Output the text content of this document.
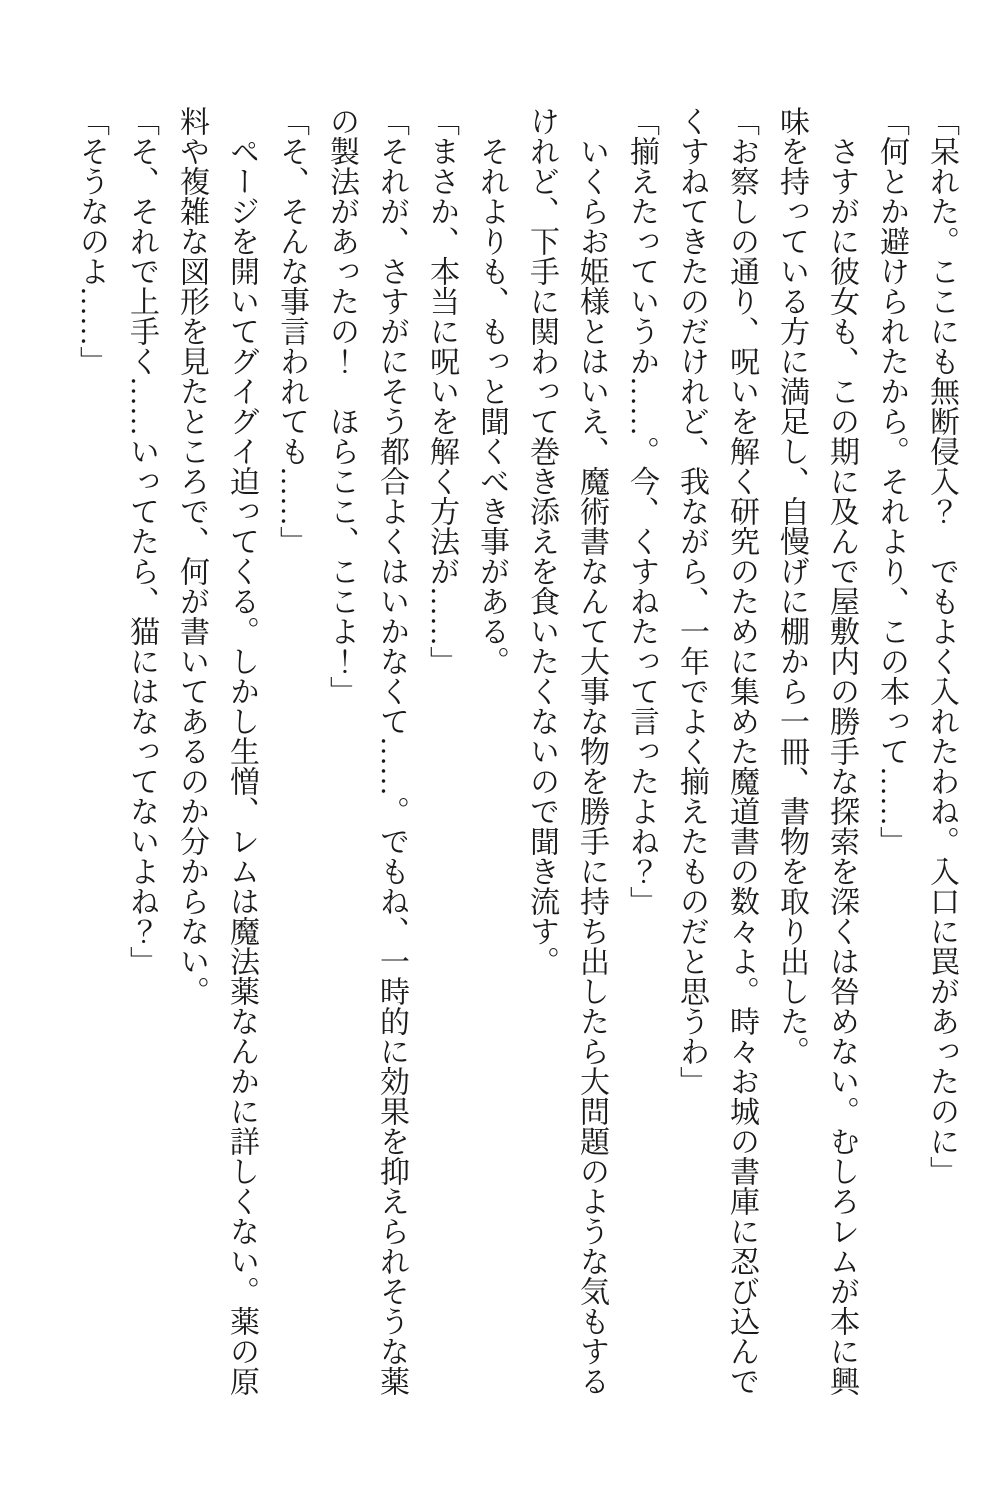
「呆れた。ここにも無断侵入？　でもよく入れたわね。入口に罠があったのに」

「何とか避けられたから。それより、この本って……」

　さすがに彼女も、この期に及んで屋敷内の勝手な探索を深くは咎めない。むしろレムが本に興
味を持っている方に満足し、自慢げに棚から一冊、書物を取り出した。

「お察しの通り、呪いを解く研究のために集めた魔道書の数々よ。時々お城の書庫に忍び込んで
くすねてきたのだけれど、我ながら、一年でよく揃えたものだと思うわ」

「揃えたっていうか……。今、くすねたって言ったよね？」

　いくらお姫様とはいえ、魔術書なんて大事な物を勝手に持ち出したら大問題のような気もする
けれど、下手に関わって巻き添えを食いたくないので聞き流す。

　それよりも、もっと聞くべき事がある。

「まさか、本当に呪いを解く方法が……」

「それが、さすがにそう都合よくはいかなくて……。でもね、一時的に効果を抑えられそうな薬
の製法があったの！　ほらここ、ここよ！」

「そ、そんな事言われても……」

　ページを開いてグイグイ迫ってくる。しかし生憎、レムは魔法薬なんかに詳しくない。薬の原
料や複雑な図形を見たところで、何が書いてあるのか分からない。

「そ、それで上手く……いってたら、猫にはなってないよね？」

「そうなのよ……」
